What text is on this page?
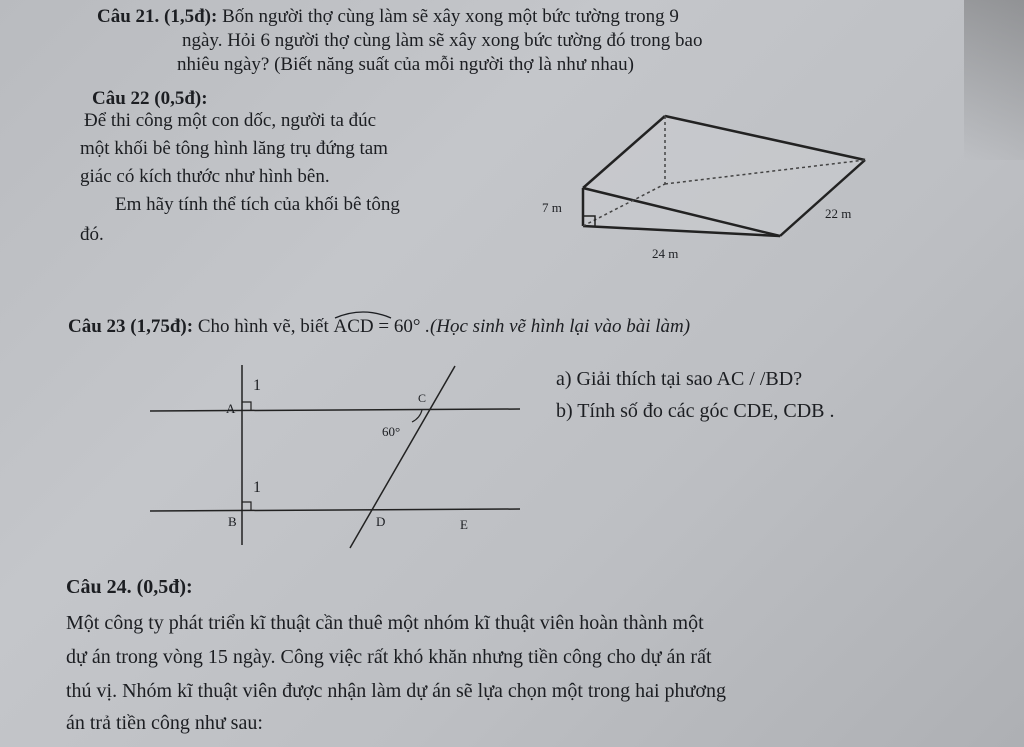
Câu 21. (1,5đ): Bốn người thợ cùng làm sẽ xây xong một bức tường trong 9
ngày. Hỏi 6 người thợ cùng làm sẽ xây xong bức tường đó trong bao
nhiêu ngày? (Biết năng suất của mỗi người thợ là như nhau)
Câu 22 (0,5đ):
Để thi công một con dốc, người ta đúc
một khối bê tông hình lăng trụ đứng tam
giác có kích thước như hình bên.
Em hãy tính thể tích của khối bê tông
đó.
7 m	22 m
24 m
Câu 23 (1,75đ): Cho hình vẽ, biết
ACD = 60° .(Học sinh vẽ hình lại vào bài làm)
1
A
C
60°
1
B	D	E
a) Giải thích tại sao AC / /BD?
b) Tính số đo các góc CDE, CDB .
Câu 24. (0,5đ):
Một công ty phát triển kĩ thuật cần thuê một nhóm kĩ thuật viên hoàn thành một
dự án trong vòng 15 ngày. Công việc rất khó khăn nhưng tiền công cho dự án rất
thú vị. Nhóm kĩ thuật viên được nhận làm dự án sẽ lựa chọn một trong hai phương
án trả tiền công như sau:
